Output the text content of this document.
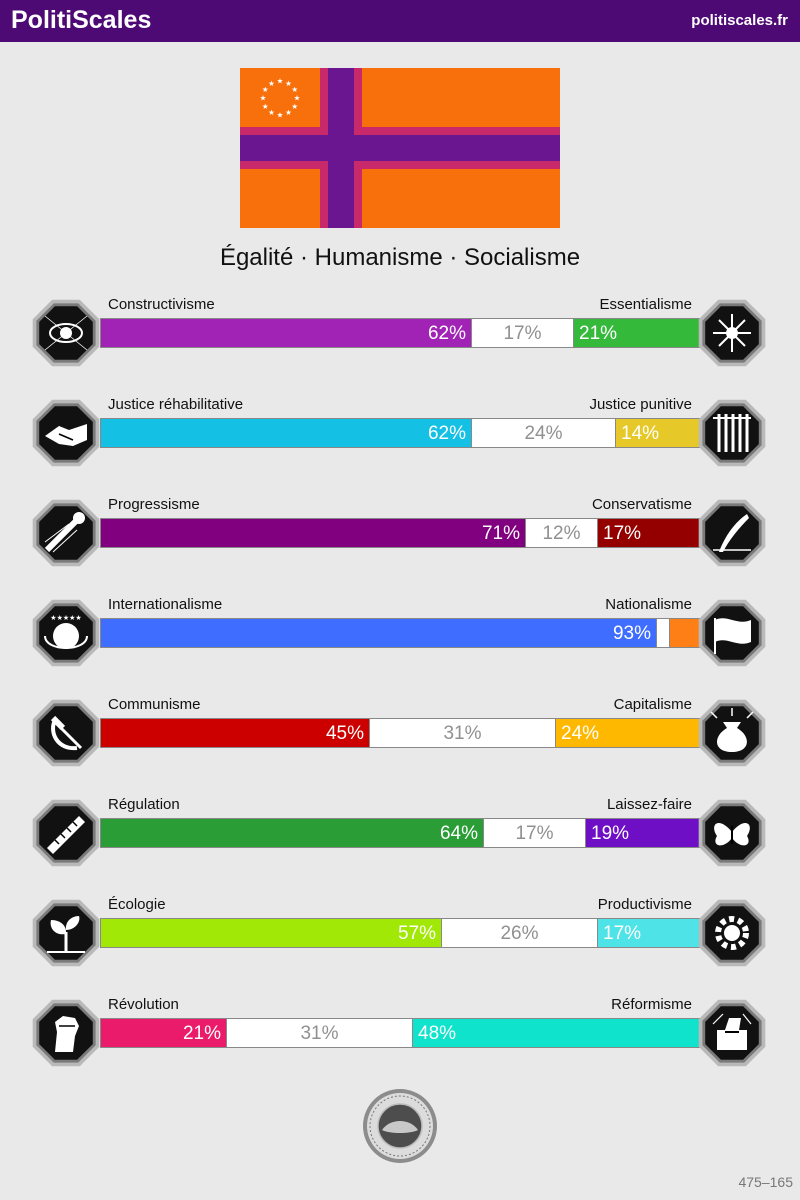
PolitiScales	politiscales.fr
★
★
★
★
★
★
★
★
★ ★ ★
★
Égalité · Humanisme · Socialisme
Constructivisme	Essentialisme
62%	17%	21%
Justice réhabilitative	Justice punitive
62%	24%	14%
Progressisme	Conservatisme
71%	12%	17%
★★★★★
Internationalisme	Nationalisme
93%
Communisme	Capitalisme
45%	31%	24%
Régulation	Laissez-faire
64%	17%	19%
Écologie	Productivisme
57%	26%	17%
Révolution	Réformisme
21%	31%	48%
475–165
